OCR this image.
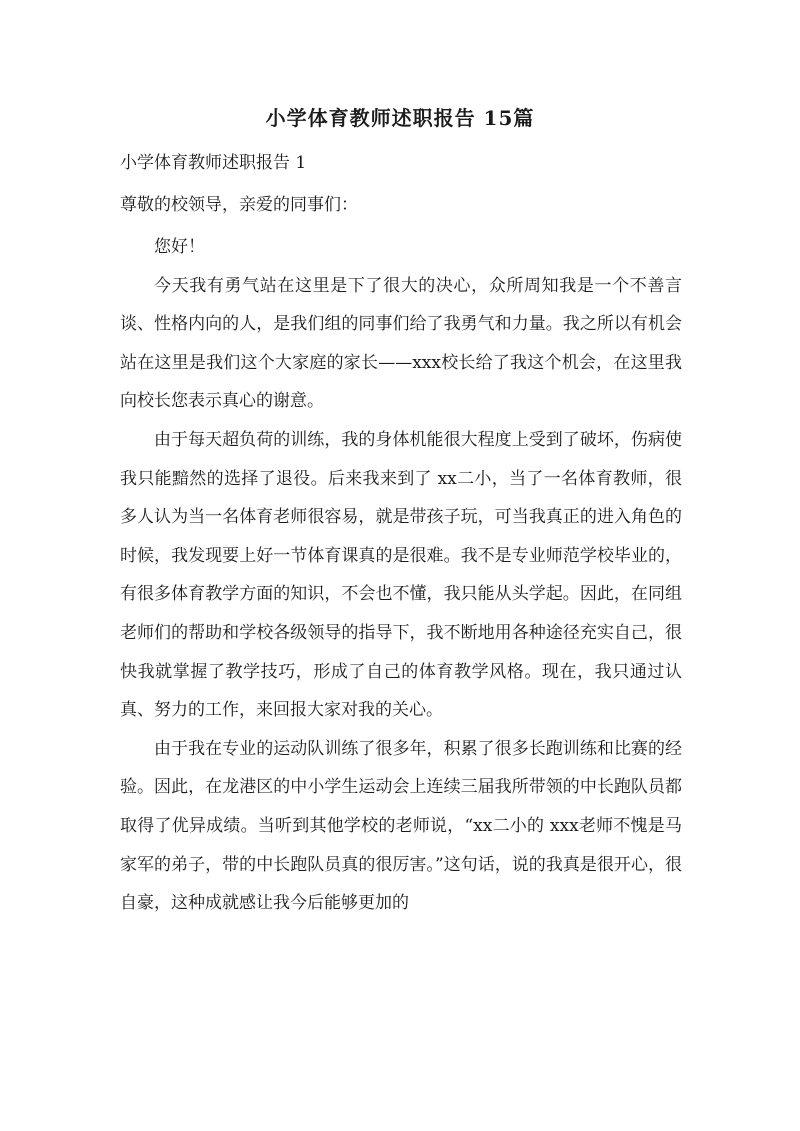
小学体育教师述职报告 15篇
小学体育教师述职报告 1
尊敬的校领导，亲爱的同事们：

您好！

今天我有勇气站在这里是下了很大的决心，众所周知我是一个不善言谈、性格内向的人，是我们组的同事们给了我勇气和力量。我之所以有机会站在这里是我们这个大家庭的家长——xxx校长给了我这个机会，在这里我向校长您表示真心的谢意。

由于每天超负荷的训练，我的身体机能很大程度上受到了破坏，伤病使我只能黯然的选择了退役。后来我来到了 xx二小，当了一名体育教师，很多人认为当一名体育老师很容易，就是带孩子玩，可当我真正的进入角色的时候，我发现要上好一节体育课真的是很难。我不是专业师范学校毕业的，有很多体育教学方面的知识，不会也不懂，我只能从头学起。因此，在同组老师们的帮助和学校各级领导的指导下，我不断地用各种途径充实自己，很快我就掌握了教学技巧，形成了自己的体育教学风格。现在，我只通过认真、努力的工作，来回报大家对我的关心。

由于我在专业的运动队训练了很多年，积累了很多长跑训练和比赛的经验。因此，在龙港区的中小学生运动会上连续三届我所带领的中长跑队员都取得了优异成绩。当听到其他学校的老师说，“xx二小的 xxx老师不愧是马家军的弟子，带的中长跑队员真的很厉害。”这句话，说的我真是很开心，很自豪，这种成就感让我今后能够更加的
